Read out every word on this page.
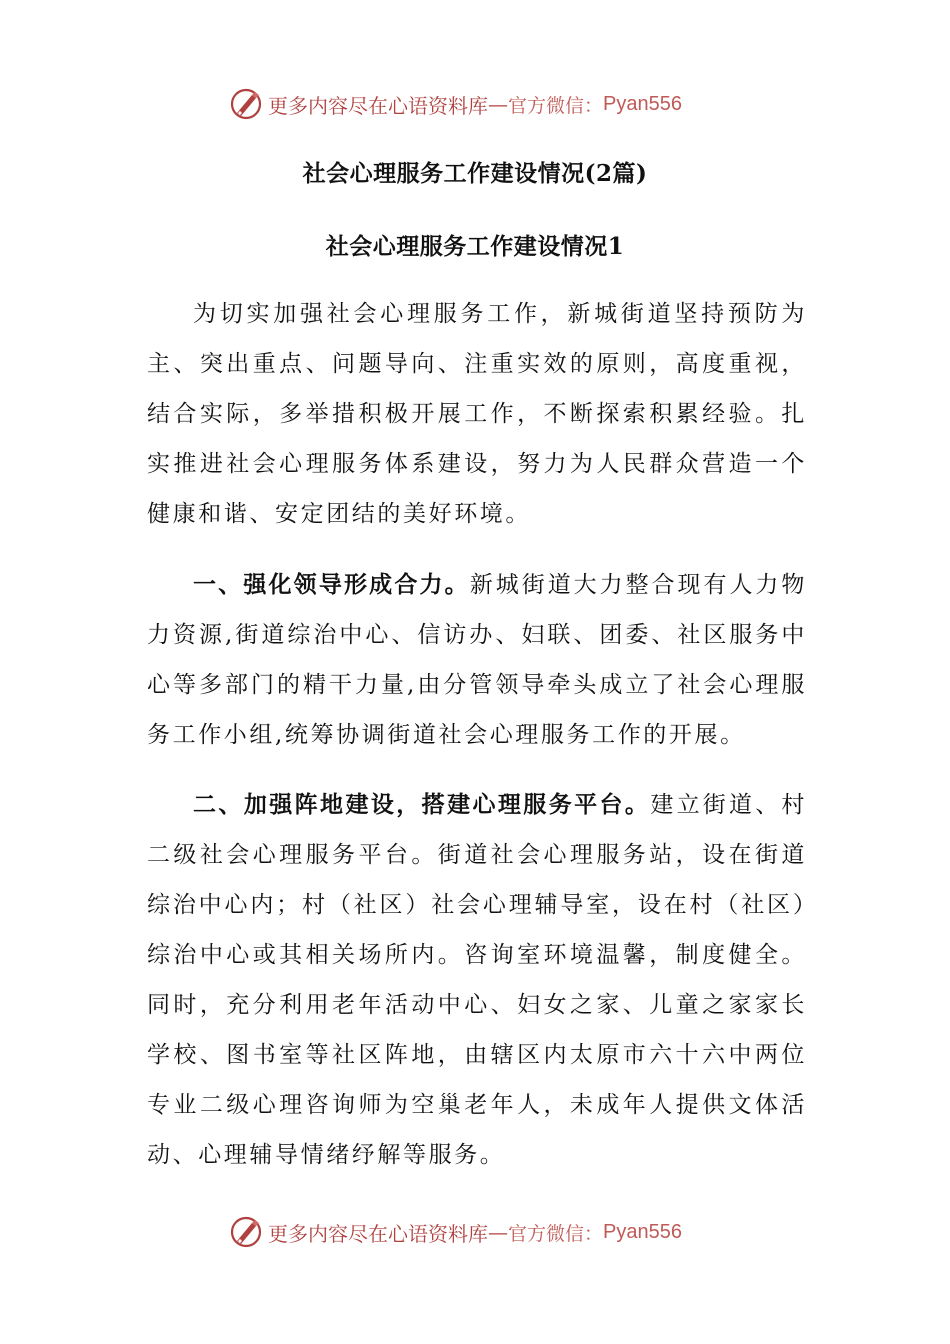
更多内容尽在心语资料库 — 官方微信： Pyan556
社会心理服务工作建设情况(2篇)
社会心理服务工作建设情况1

为切实加强社会心理服务工作，新城街道坚持预防为主、突出重点、问题导向、注重实效的原则，高度重视，结合实际，多举措积极开展工作，不断探索积累经验。扎实推进社会心理服务体系建设，努力为人民群众营造一个健康和谐、安定团结的美好环境。

一、强化领导形成合力。新城街道大力整合现有人力物力资源,街道综治中心、信访办、妇联、团委、社区服务中心等多部门的精干力量,由分管领导牵头成立了社会心理服务工作小组,统筹协调街道社会心理服务工作的开展。

二、加强阵地建设，搭建心理服务平台。建立街道、村二级社会心理服务平台。街道社会心理服务站，设在街道综治中心内；村（社区）社会心理辅导室，设在村（社区）综治中心或其相关场所内。咨询室环境温馨，制度健全。同时，充分利用老年活动中心、妇女之家、儿童之家家长学校、图书室等社区阵地，由辖区内太原市六十六中两位专业二级心理咨询师为空巢老年人，未成年人提供文体活动、心理辅导情绪纾解等服务。

更多内容尽在心语资料库 — 官方微信： Pyan556
